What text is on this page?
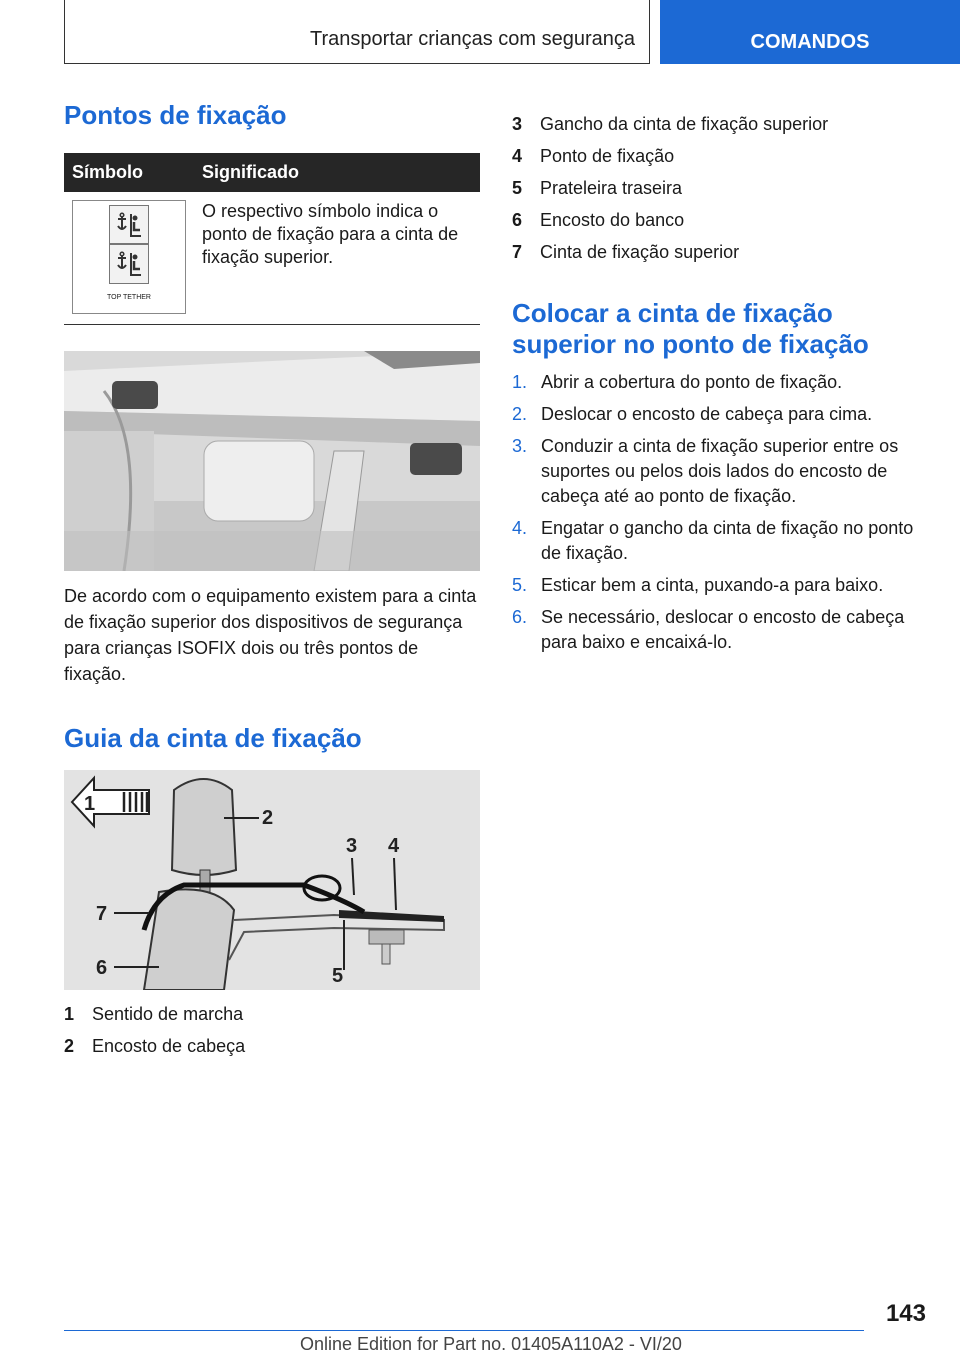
Transportar crianças com segurança	COMANDOS
Pontos de fixação
Símbolo	Significado

TOP TETHER	O respectivo símbolo indica o ponto de fixação para a cinta de fixação superior.

De acordo com o equipamento existem para a cinta de fixação superior dos dispositivos de segurança para crianças ISOFIX dois ou três pontos de fixação.

Guia da cinta de fixação
1
2
3 4
5
6
7
1 Sentido de marcha
2 Encosto de cabeça
3 Gancho da cinta de fixação superior
4 Ponto de fixação
5 Prateleira traseira
6 Encosto do banco
7 Cinta de fixação superior
Colocar a cinta de fixação superior no ponto de fixação
1. Abrir a cobertura do ponto de fixação.
2. Deslocar o encosto de cabeça para cima.
3. Conduzir a cinta de fixação superior entre os suportes ou pelos dois lados do encosto de cabeça até ao ponto de fixação.
4. Engatar o gancho da cinta de fixação no ponto de fixação.
5. Esticar bem a cinta, puxando-a para baixo.
6. Se necessário, deslocar o encosto de cabeça para baixo e encaixá-lo.
143
Online Edition for Part no. 01405A110A2 - VI/20
